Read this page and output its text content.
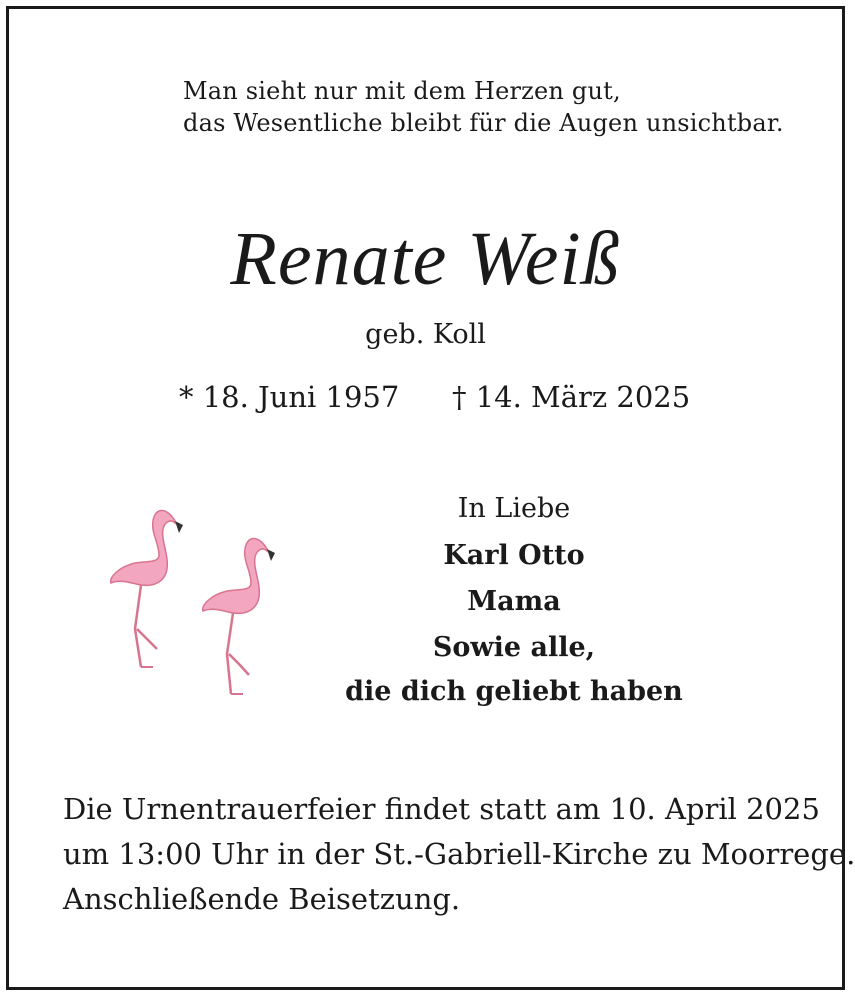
Man sieht nur mit dem Herzen gut,
das Wesentliche bleibt für die Augen unsichtbar.
Renate Weiß
geb. Koll
* 18. Juni 1957 † 14. März 2025
In Liebe
Karl Otto
Mama
Sowie alle,
die dich geliebt haben
Die Urnentrauerfeier findet statt am 10. April 2025
um 13:00 Uhr in der St.-Gabriell-Kirche zu Moorrege.
Anschließende Beisetzung.
